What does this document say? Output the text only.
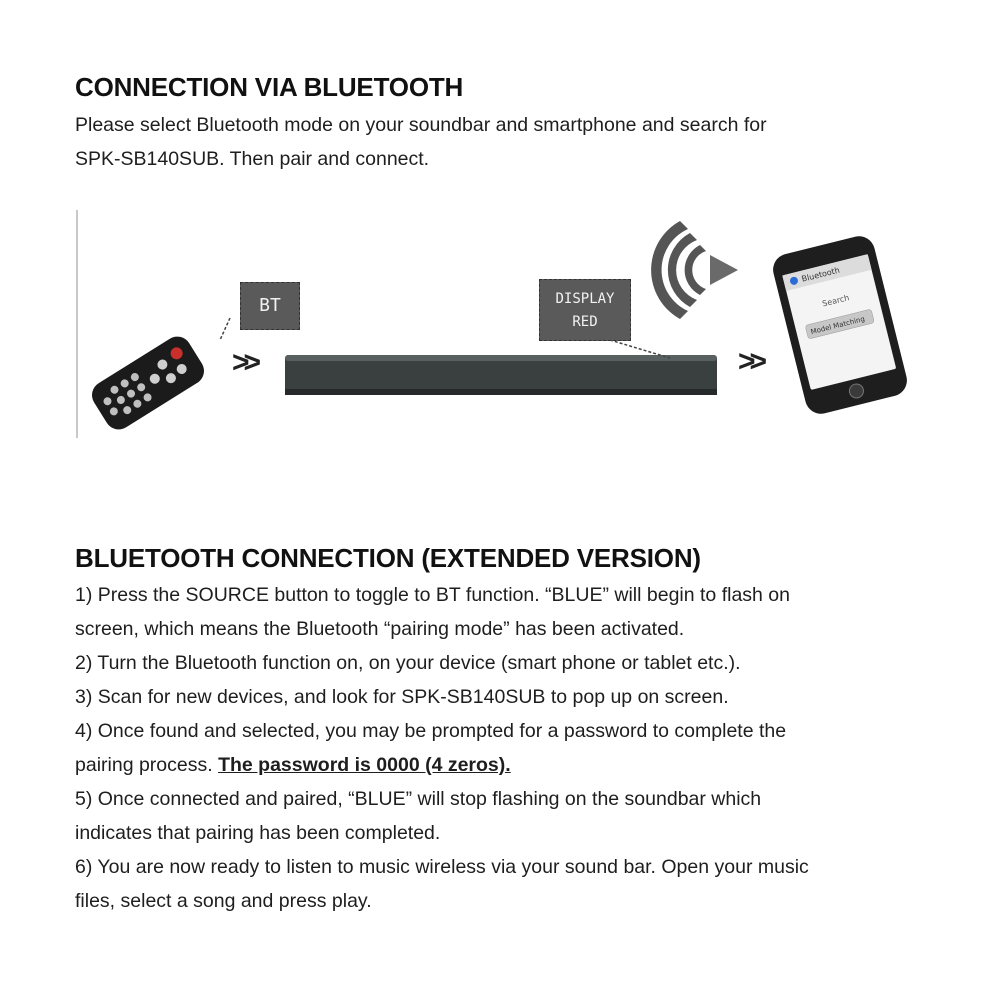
CONNECTION VIA BLUETOOTH

Please select Bluetooth mode on your soundbar and smartphone and search for

SPK-SB140SUB. Then pair and connect.

Bluetooth
Search
Model Matching
BT	DISPLAY
RED
>>	>>
BLUETOOTH CONNECTION (EXTENDED VERSION)

1) Press the SOURCE button to toggle to BT function. “BLUE” will begin to flash on

screen, which means the Bluetooth “pairing mode” has been activated.

2) Turn the Bluetooth function on, on your device (smart phone or tablet etc.).

3) Scan for new devices, and look for SPK-SB140SUB to pop up on screen.

4) Once found and selected, you may be prompted for a password to complete the

pairing process. The password is 0000 (4 zeros).

5) Once connected and paired, “BLUE” will stop flashing on the soundbar which

indicates that pairing has been completed.

6) You are now ready to listen to music wireless via your sound bar. Open your music

files, select a song and press play.
